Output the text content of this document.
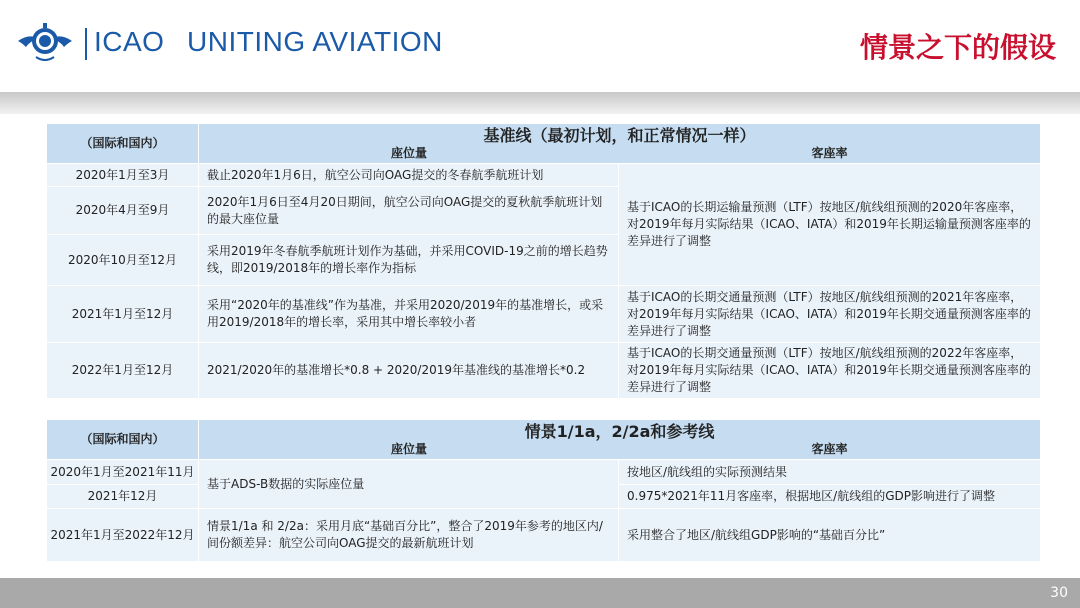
ICAO UNITING AVIATION	情景之下的假设
（国际和国内）	基准线（最初计划，和正常情况一样）
座位量 客座率	

2020年1月至3月	截止2020年1月6日，航空公司向OAG提交的冬春航季航班计划	基于ICAO的长期运输量预测（LTF）按地区/航线组预测的2020年客座率，对2019年每月实际结果（ICAO、IATA）和2019年长期运输量预测客座率的差异进行了调整
2020年4月至9月	2020年1月6日至4月20日期间，航空公司向OAG提交的夏秋航季航班计划的最大座位量	
2020年10月至12月	采用2019年冬春航季航班计划作为基础，并采用COVID-19之前的增长趋势线，即2019/2018年的增长率作为指标	
2021年1月至12月	采用“2020年的基准线”作为基准，并采用2020/2019年的基准增长，或采用2019/2018年的增长率，采用其中增长率较小者	基于ICAO的长期交通量预测（LTF）按地区/航线组预测的2021年客座率，对2019年每月实际结果（ICAO、IATA）和2019年长期交通量预测客座率的差异进行了调整
2022年1月至12月	2021/2020年的基准增长*0.8 + 2020/2019年基准线的基准增长*0.2	基于ICAO的长期交通量预测（LTF）按地区/航线组预测的2022年客座率，对2019年每月实际结果（ICAO、IATA）和2019年长期交通量预测客座率的差异进行了调整
（国际和国内）	情景1/1a，2/2a和参考线
座位量 客座率	

2020年1月至2021年11月	基于ADS-B数据的实际座位量	按地区/航线组的实际预测结果
2021年12月		0.975*2021年11月客座率，根据地区/航线组的GDP影响进行了调整
2021年1月至2022年12月	情景1/1a 和 2/2a：采用月底“基础百分比”，整合了2019年参考的地区内/间份额差异：航空公司向OAG提交的最新航班计划	采用整合了地区/航线组GDP影响的“基础百分比”
30
